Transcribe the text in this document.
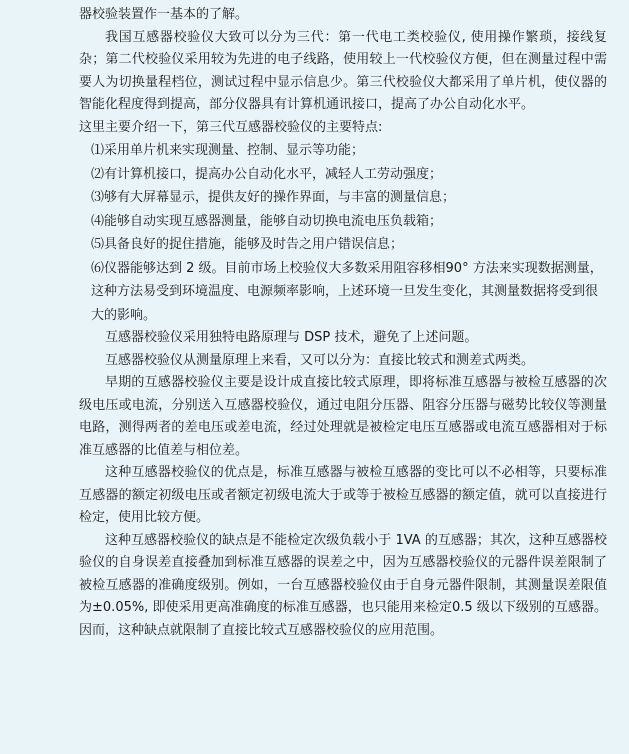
器校验装置作一基本的了解。

我国互感器校验仪大致可以分为三代：第一代电工类校验仪, 使用操作繁琐，接线复杂；第二代校验仪采用较为先进的电子线路，使用较上一代校验仪方便，但在测量过程中需要人为切换量程档位，测试过程中显示信息少。第三代校验仪大都采用了单片机，使仪器的智能化程度得到提高，部分仪器具有计算机通讯接口，提高了办公自动化水平。

这里主要介绍一下，第三代互感器校验仪的主要特点:

⑴采用单片机来实现测量、控制、显示等功能；

⑵有计算机接口，提高办公自动化水平，减轻人工劳动强度；

⑶够有大屏幕显示，提供友好的操作界面，与丰富的测量信息；

⑷能够自动实现互感器测量，能够自动切换电流电压负载箱；

⑸具备良好的捉住措施，能够及时告之用户错误信息；

⑹仪器能够达到 2 级。目前市场上校验仪大多数采用阻容移相90° 方法来实现数据测量，这种方法易受到环境温度、电源频率影响，上述环境一旦发生变化，其测量数据将受到很大的影响。

互感器校验仪采用独特电路原理与 DSP 技术，避免了上述问题。

互感器校验仪从测量原理上来看，又可以分为：直接比较式和测差式两类。

早期的互感器校验仪主要是设计成直接比较式原理，即将标准互感器与被检互感器的次级电压或电流，分别送入互感器校验仪，通过电阻分压器、阻容分压器与磁势比较仪等测量电路，测得两者的差电压或差电流，经过处理就是被检定电压互感器或电流互感器相对于标准互感器的比值差与相位差。

这种互感器校验仪的优点是，标准互感器与被检互感器的变比可以不必相等，只要标准互感器的额定初级电压或者额定初级电流大于或等于被检互感器的额定值，就可以直接进行检定，使用比较方便。

这种互感器校验仪的缺点是不能检定次级负载小于 1VA 的互感器；其次，这种互感器校验仪的自身误差直接叠加到标准互感器的误差之中，因为互感器校验仪的元器件误差限制了被检互感器的准确度级别。例如，一台互感器校验仪由于自身元器件限制，其测量误差限值为±0.05%, 即使采用更高准确度的标准互感器，也只能用来检定0.5 级以下级别的互感器。因而，这种缺点就限制了直接比较式互感器校验仪的应用范围。
